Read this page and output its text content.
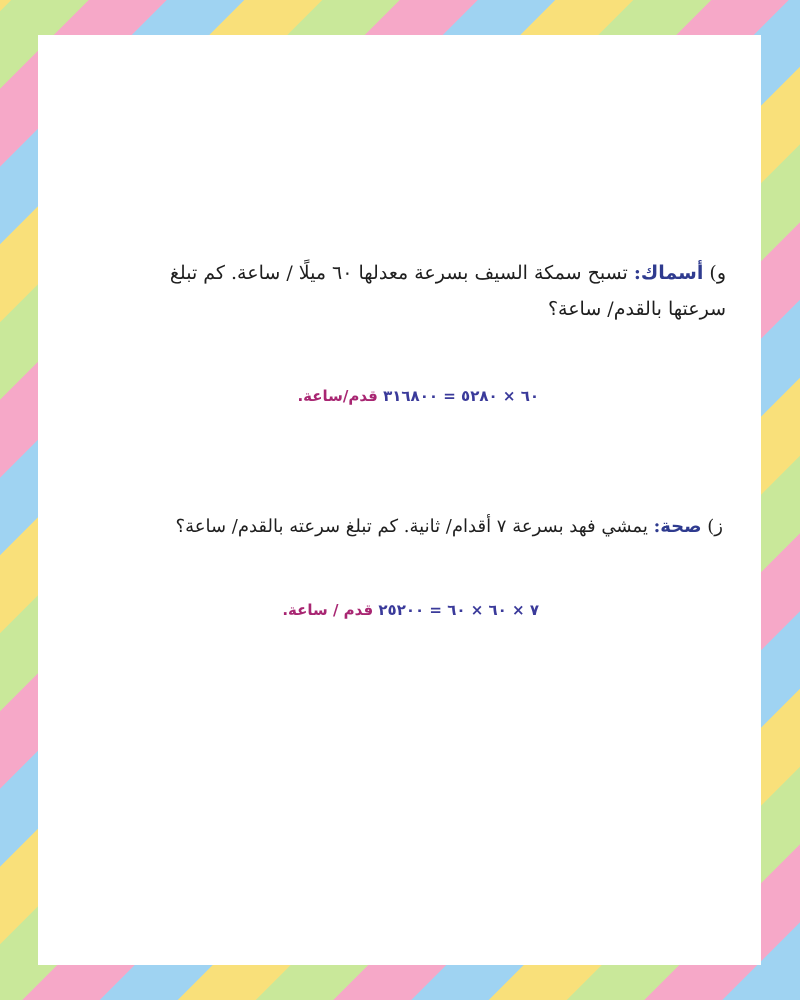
و) أسماك: تسبح سمكة السيف بسرعة معدلها ٦٠ ميلًا / ساعة. كم تبلغ
سرعتها بالقدم/ ساعة؟
٦٠ × ٥٢٨٠ = ٣١٦٨٠٠ قدم/ساعة.
ز) صحة: يمشي فهد بسرعة ٧ أقدام/ ثانية. كم تبلغ سرعته بالقدم/ ساعة؟
٧ × ٦٠ × ٦٠ = ٢٥٢٠٠ قدم / ساعة.
